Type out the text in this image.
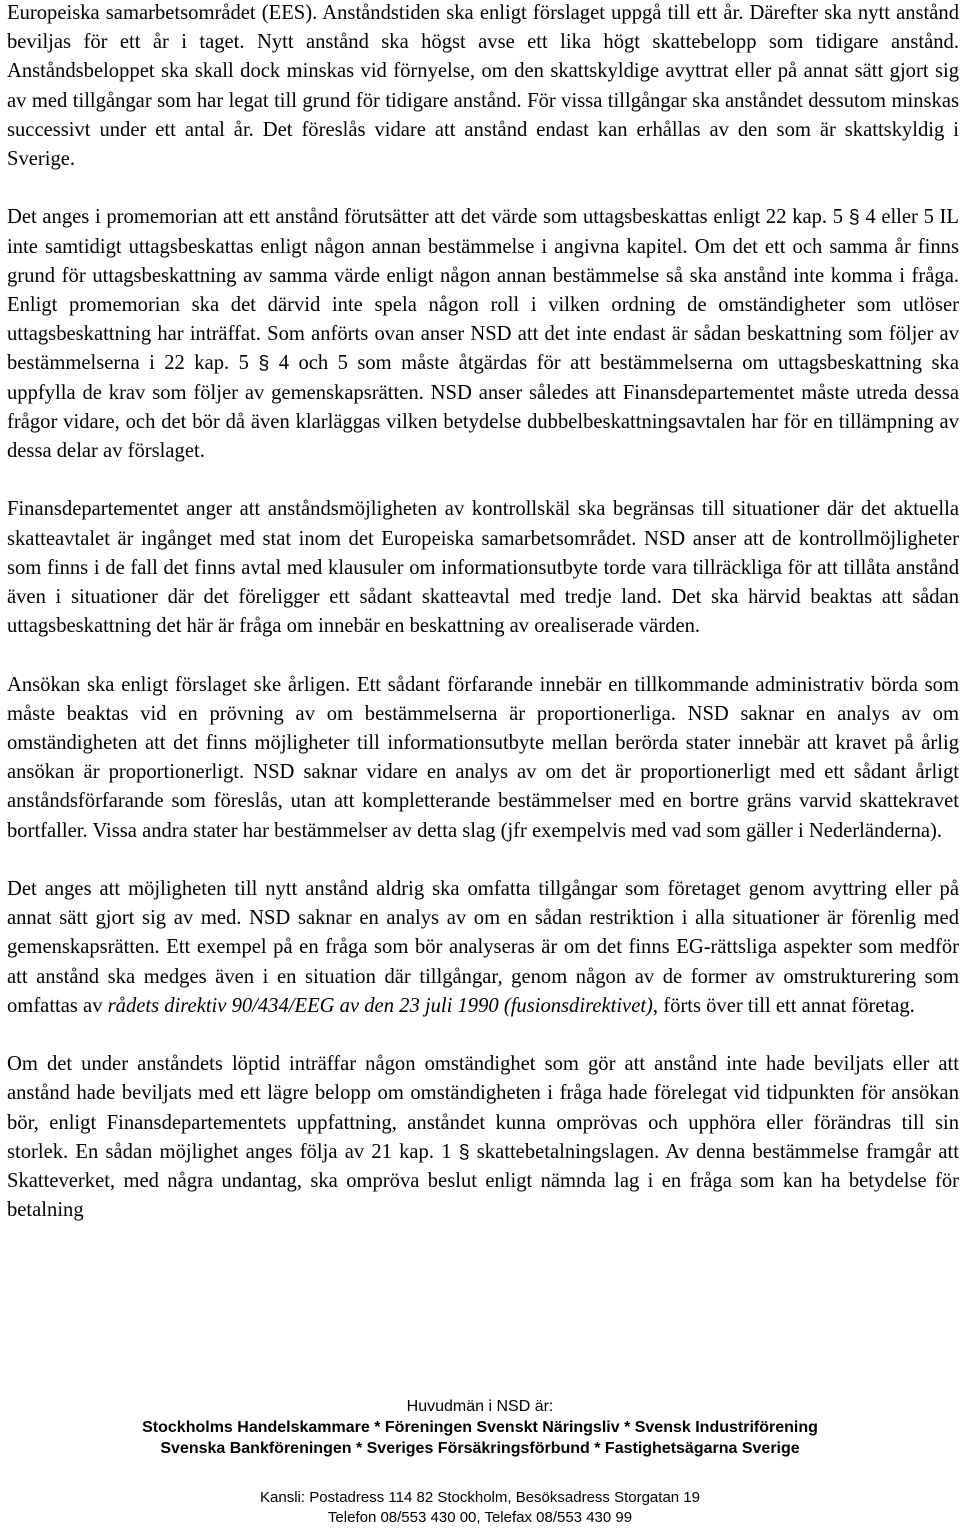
Europeiska samarbetsområdet (EES). Anståndstiden ska enligt förslaget uppgå till ett år. Därefter ska nytt anstånd beviljas för ett år i taget. Nytt anstånd ska högst avse ett lika högt skattebelopp som tidigare anstånd. Anståndsbeloppet ska skall dock minskas vid förnyelse, om den skattskyldige avyttrat eller på annat sätt gjort sig av med tillgångar som har legat till grund för tidigare anstånd. För vissa tillgångar ska anståndet dessutom minskas successivt under ett antal år. Det föreslås vidare att anstånd endast kan erhållas av den som är skattskyldig i Sverige.

Det anges i promemorian att ett anstånd förutsätter att det värde som uttagsbeskattas enligt 22 kap. 5 § 4 eller 5 IL inte samtidigt uttagsbeskattas enligt någon annan bestämmelse i angivna kapitel. Om det ett och samma år finns grund för uttagsbeskattning av samma värde enligt någon annan bestämmelse så ska anstånd inte komma i fråga. Enligt promemorian ska det därvid inte spela någon roll i vilken ordning de omständigheter som utlöser uttagsbeskattning har inträffat. Som anförts ovan anser NSD att det inte endast är sådan beskattning som följer av bestämmelserna i 22 kap. 5 § 4 och 5 som måste åtgärdas för att bestämmelserna om uttagsbeskattning ska uppfylla de krav som följer av gemenskapsrätten. NSD anser således att Finansdepartementet måste utreda dessa frågor vidare, och det bör då även klarläggas vilken betydelse dubbelbeskattningsavtalen har för en tillämpning av dessa delar av förslaget.

Finansdepartementet anger att anståndsmöjligheten av kontrollskäl ska begränsas till situationer där det aktuella skatteavtalet är ingånget med stat inom det Europeiska samarbetsområdet. NSD anser att de kontrollmöjligheter som finns i de fall det finns avtal med klausuler om informationsutbyte torde vara tillräckliga för att tillåta anstånd även i situationer där det föreligger ett sådant skatteavtal med tredje land. Det ska härvid beaktas att sådan uttagsbeskattning det här är fråga om innebär en beskattning av orealiserade värden.

Ansökan ska enligt förslaget ske årligen. Ett sådant förfarande innebär en tillkommande administrativ börda som måste beaktas vid en prövning av om bestämmelserna är proportionerliga. NSD saknar en analys av om omständigheten att det finns möjligheter till informationsutbyte mellan berörda stater innebär att kravet på årlig ansökan är proportionerligt. NSD saknar vidare en analys av om det är proportionerligt med ett sådant årligt anståndsförfarande som föreslås, utan att kompletterande bestämmelser med en bortre gräns varvid skattekravet bortfaller. Vissa andra stater har bestämmelser av detta slag (jfr exempelvis med vad som gäller i Nederländerna).

Det anges att möjligheten till nytt anstånd aldrig ska omfatta tillgångar som företaget genom avyttring eller på annat sätt gjort sig av med. NSD saknar en analys av om en sådan restriktion i alla situationer är förenlig med gemenskapsrätten. Ett exempel på en fråga som bör analyseras är om det finns EG-rättsliga aspekter som medför att anstånd ska medges även i en situation där tillgångar, genom någon av de former av omstrukturering som omfattas av rådets direktiv 90/434/EEG av den 23 juli 1990 (fusionsdirektivet), förts över till ett annat företag.

Om det under anståndets löptid inträffar någon omständighet som gör att anstånd inte hade beviljats eller att anstånd hade beviljats med ett lägre belopp om omständigheten i fråga hade förelegat vid tidpunkten för ansökan bör, enligt Finansdepartementets uppfattning, anståndet kunna omprövas och upphöra eller förändras till sin storlek. En sådan möjlighet anges följa av 21 kap. 1 § skattebetalningslagen. Av denna bestämmelse framgår att Skatteverket, med några undantag, ska ompröva beslut enligt nämnda lag i en fråga som kan ha betydelse för betalning

Huvudmän i NSD är:
Stockholms Handelskammare * Föreningen Svenskt Näringsliv * Svensk Industriförening
Svenska Bankföreningen * Sveriges Försäkringsförbund * Fastighetsägarna Sverige
Kansli: Postadress 114 82 Stockholm, Besöksadress Storgatan 19
Telefon 08/553 430 00, Telefax 08/553 430 99
